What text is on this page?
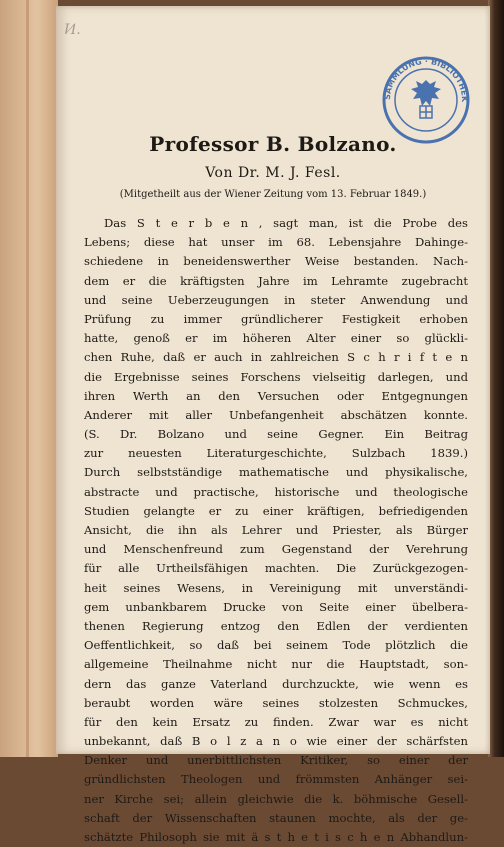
Ͷ.
SAMMLUNG · BIBLIOTHEK
Professor B. Bolzano.
Von Dr. M. J. Fesl.
(Mitgetheilt aus der Wiener Zeitung vom 13. Februar 1849.)
Das S t e r b e n , sagt man, ist die Probe des
Lebens; diese hat unser im 68. Lebensjahre Dahinge-
schiedene in beneidenswerther Weise bestanden. Nach-
dem er die kräftigsten Jahre im Lehramte zugebracht
und seine Ueberzeugungen in steter Anwendung und
Prüfung zu immer gründlicherer Festigkeit erhoben
hatte, genoß er im höheren Alter einer so glückli-
chen Ruhe, daß er auch in zahlreichen S c h r i f t e n
die Ergebnisse seines Forschens vielseitig darlegen, und
ihren Werth an den Versuchen oder Entgegnungen
Anderer mit aller Unbefangenheit abschätzen konnte.
(S. Dr. Bolzano und seine Gegner. Ein Beitrag
zur neuesten Literaturgeschichte, Sulzbach 1839.)
Durch selbstständige mathematische und physikalische,
abstracte und practische, historische und theologische
Studien gelangte er zu einer kräftigen, befriedigenden
Ansicht, die ihn als Lehrer und Priester, als Bürger
und Menschenfreund zum Gegenstand der Verehrung
für alle Urtheilsfähigen machten. Die Zurückgezogen-
heit seines Wesens, in Vereinigung mit unverständi-
gem unbankbarem Drucke von Seite einer übelbera-
thenen Regierung entzog den Edlen der verdienten
Oeffentlichkeit, so daß bei seinem Tode plötzlich die
allgemeine Theilnahme nicht nur die Hauptstadt, son-
dern das ganze Vaterland durchzuckte, wie wenn es
beraubt worden wäre seines stolzesten Schmuckes,
für den kein Ersatz zu finden. Zwar war es nicht
unbekannt, daß B o l z a n o wie einer der schärfsten
Denker und unerbittlichsten Kritiker, so einer der
gründlichsten Theologen und frömmsten Anhänger sei-
ner Kirche sei; allein gleichwie die k. böhmische Gesell-
schaft der Wissenschaften staunen mochte, als der ge-
schätzte Philosoph sie mit ä s t h e t i s c h e n Abhandlun-
